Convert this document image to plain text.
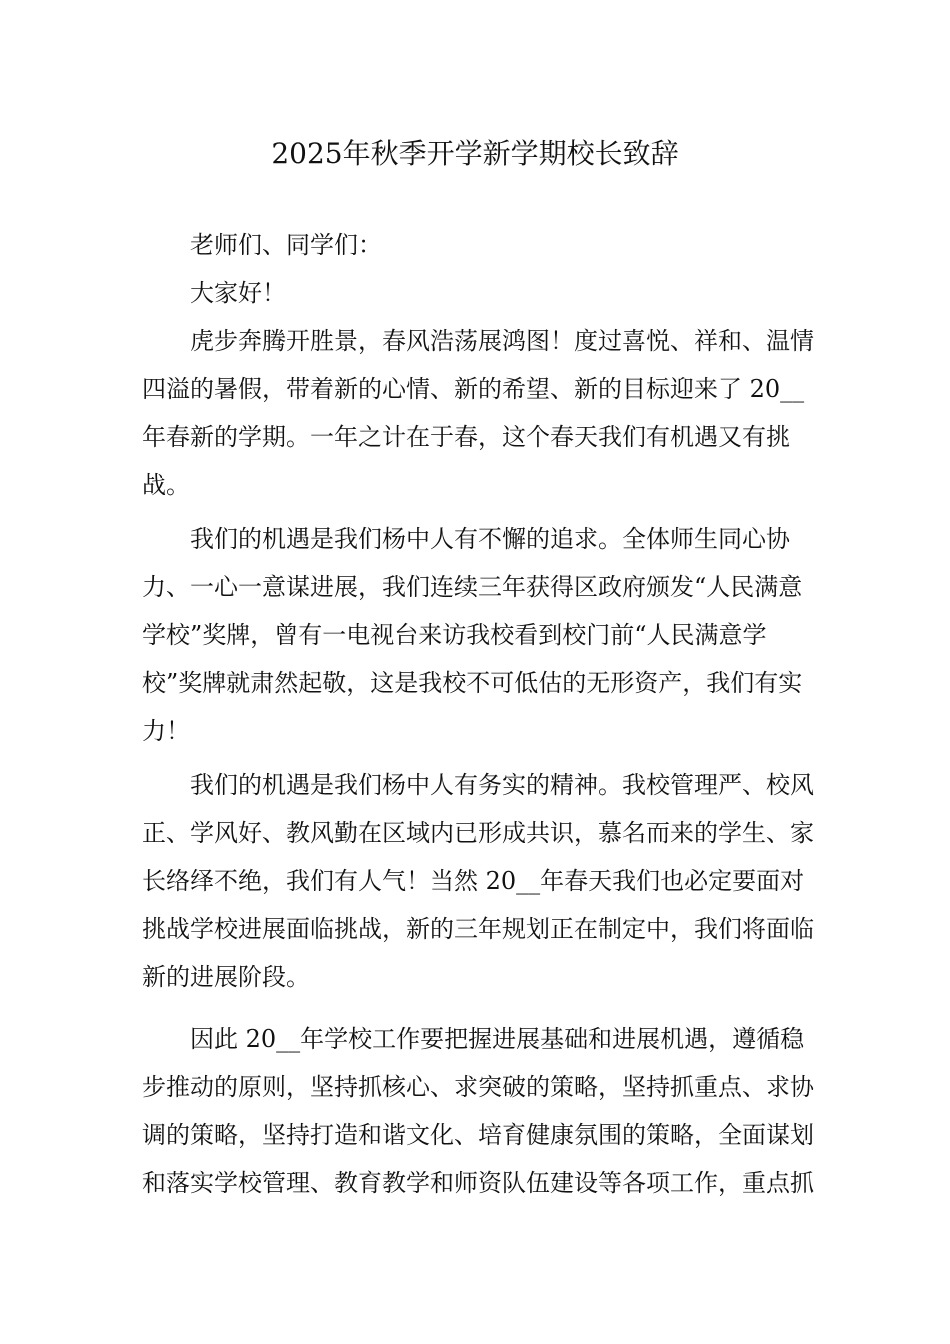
2025年秋季开学新学期校长致辞
老师们、同学们：
大家好！
虎步奔腾开胜景，春风浩荡展鸿图！度过喜悦、祥和、温情
四溢的暑假，带着新的心情、新的希望、新的目标迎来了 20__
年春新的学期。一年之计在于春，这个春天我们有机遇又有挑
战。
我们的机遇是我们杨中人有不懈的追求。全体师生同心协
力、一心一意谋进展，我们连续三年获得区政府颁发“人民满意
学校”奖牌，曾有一电视台来访我校看到校门前“人民满意学
校”奖牌就肃然起敬，这是我校不可低估的无形资产，我们有实
力！
我们的机遇是我们杨中人有务实的精神。我校管理严、校风
正、学风好、教风勤在区域内已形成共识，慕名而来的学生、家
长络绎不绝，我们有人气！当然 20__年春天我们也必定要面对
挑战学校进展面临挑战，新的三年规划正在制定中，我们将面临
新的进展阶段。
因此 20__年学校工作要把握进展基础和进展机遇，遵循稳
步推动的原则，坚持抓核心、求突破的策略，坚持抓重点、求协
调的策略，坚持打造和谐文化、培育健康氛围的策略，全面谋划
和落实学校管理、教育教学和师资队伍建设等各项工作，重点抓
